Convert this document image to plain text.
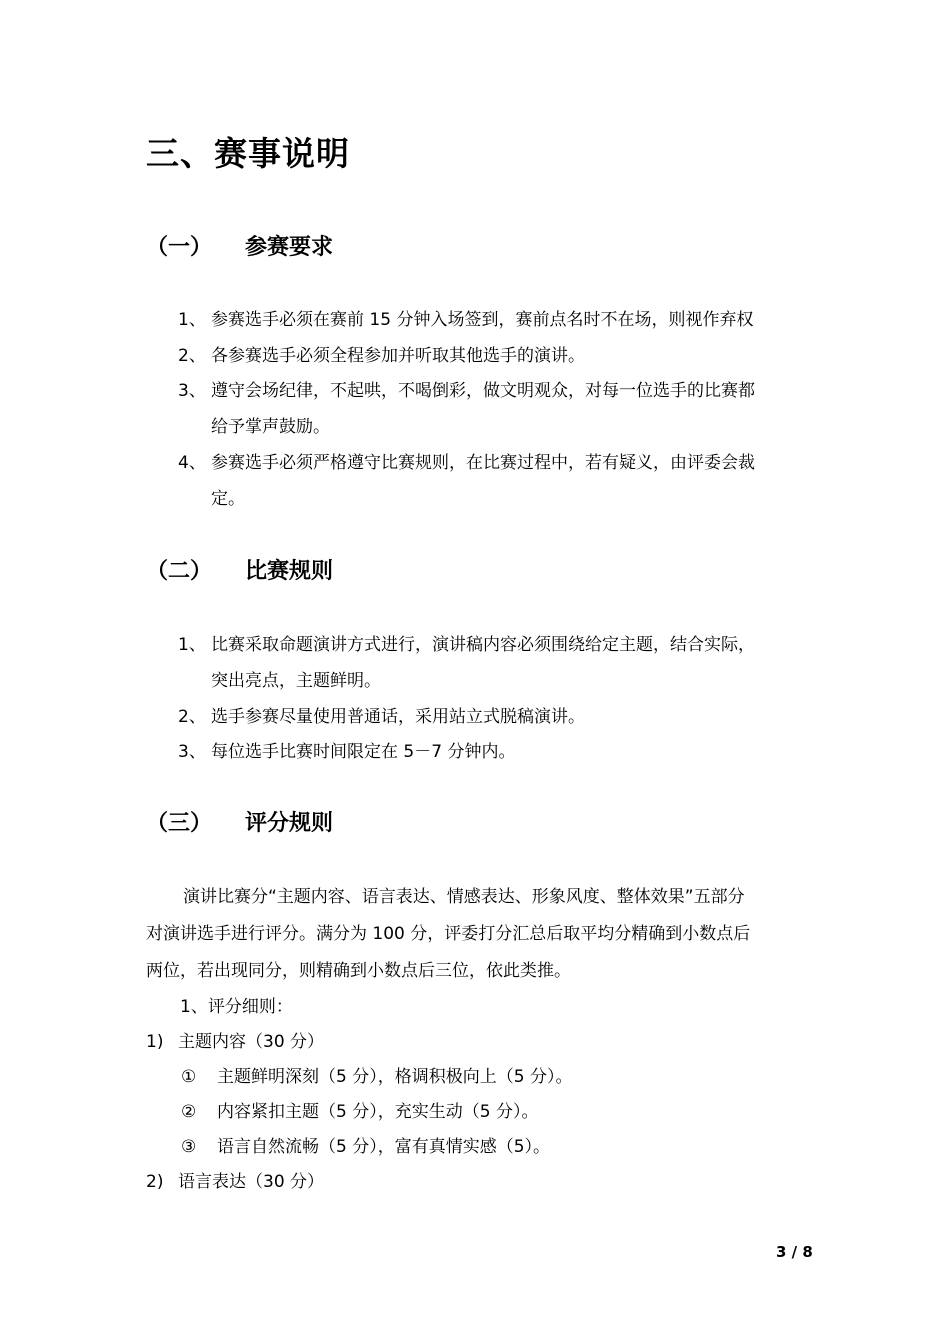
三、赛事说明
（一） 参赛要求
1、 参赛选手必须在赛前 15 分钟入场签到，赛前点名时不在场，则视作弃权
2、 各参赛选手必须全程参加并听取其他选手的演讲。
3、 遵守会场纪律，不起哄，不喝倒彩，做文明观众，对每一位选手的比赛都
给予掌声鼓励。
4、 参赛选手必须严格遵守比赛规则，在比赛过程中，若有疑义，由评委会裁
定。
（二） 比赛规则
1、 比赛采取命题演讲方式进行，演讲稿内容必须围绕给定主题，结合实际，
突出亮点，主题鲜明。
2、 选手参赛尽量使用普通话，采用站立式脱稿演讲。
3、 每位选手比赛时间限定在 5－7 分钟内。
（三） 评分规则
演讲比赛分“主题内容、语言表达、情感表达、形象风度、整体效果”五部分
对演讲选手进行评分。满分为 100 分，评委打分汇总后取平均分精确到小数点后
两位，若出现同分，则精确到小数点后三位，依此类推。
1、评分细则：
1) 主题内容（30 分）
① 主题鲜明深刻（5 分），格调积极向上（5 分）。
② 内容紧扣主题（5 分），充实生动（5 分）。
③ 语言自然流畅（5 分），富有真情实感（5）。
2) 语言表达（30 分）
3 / 8
